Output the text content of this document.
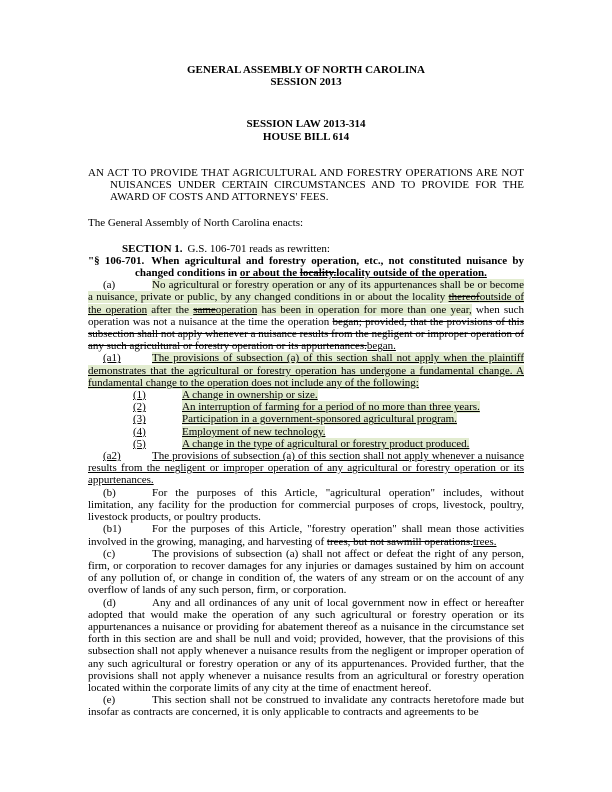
GENERAL ASSEMBLY OF NORTH CAROLINA
SESSION 2013
SESSION LAW 2013-314
HOUSE BILL 614
AN ACT TO PROVIDE THAT AGRICULTURAL AND FORESTRY OPERATIONS ARE NOT NUISANCES UNDER CERTAIN CIRCUMSTANCES AND TO PROVIDE FOR THE AWARD OF COSTS AND ATTORNEYS' FEES.
The General Assembly of North Carolina enacts:

SECTION 1. G.S. 106-701 reads as rewritten:

"§ 106-701. When agricultural and forestry operation, etc., not constituted nuisance by changed conditions in or about the locality.locality outside of the operation.

(a)	No agricultural or forestry operation or any of its appurtenances shall be or become a nuisance, private or public, by any changed conditions in or about the locality thereofoutside of the operation after the sameoperation has been in operation for more than one year, when such operation was not a nuisance at the time the operation began; provided, that the provisions of this subsection shall not apply whenever a nuisance results from the negligent or improper operation of any such agricultural or forestry operation or its appurtenances.began.

(a1)	The provisions of subsection (a) of this section shall not apply when the plaintiff demonstrates that the agricultural or forestry operation has undergone a fundamental change. A fundamental change to the operation does not include any of the following:

(1)	A change in ownership or size.

(2)	An interruption of farming for a period of no more than three years.

(3)	Participation in a government-sponsored agricultural program.

(4)	Employment of new technology.

(5)	A change in the type of agricultural or forestry product produced.

(a2)	The provisions of subsection (a) of this section shall not apply whenever a nuisance results from the negligent or improper operation of any agricultural or forestry operation or its appurtenances.

(b)	For the purposes of this Article, "agricultural operation" includes, without limitation, any facility for the production for commercial purposes of crops, livestock, poultry, livestock products, or poultry products.

(b1)	For the purposes of this Article, "forestry operation" shall mean those activities involved in the growing, managing, and harvesting of trees, but not sawmill operations.trees.

(c)	The provisions of subsection (a) shall not affect or defeat the right of any person, firm, or corporation to recover damages for any injuries or damages sustained by him on account of any pollution of, or change in condition of, the waters of any stream or on the account of any overflow of lands of any such person, firm, or corporation.

(d)	Any and all ordinances of any unit of local government now in effect or hereafter adopted that would make the operation of any such agricultural or forestry operation or its appurtenances a nuisance or providing for abatement thereof as a nuisance in the circumstance set forth in this section are and shall be null and void; provided, however, that the provisions of this subsection shall not apply whenever a nuisance results from the negligent or improper operation of any such agricultural or forestry operation or any of its appurtenances. Provided further, that the provisions shall not apply whenever a nuisance results from an agricultural or forestry operation located within the corporate limits of any city at the time of enactment hereof.

(e)	This section shall not be construed to invalidate any contracts heretofore made but insofar as contracts are concerned, it is only applicable to contracts and agreements to be
